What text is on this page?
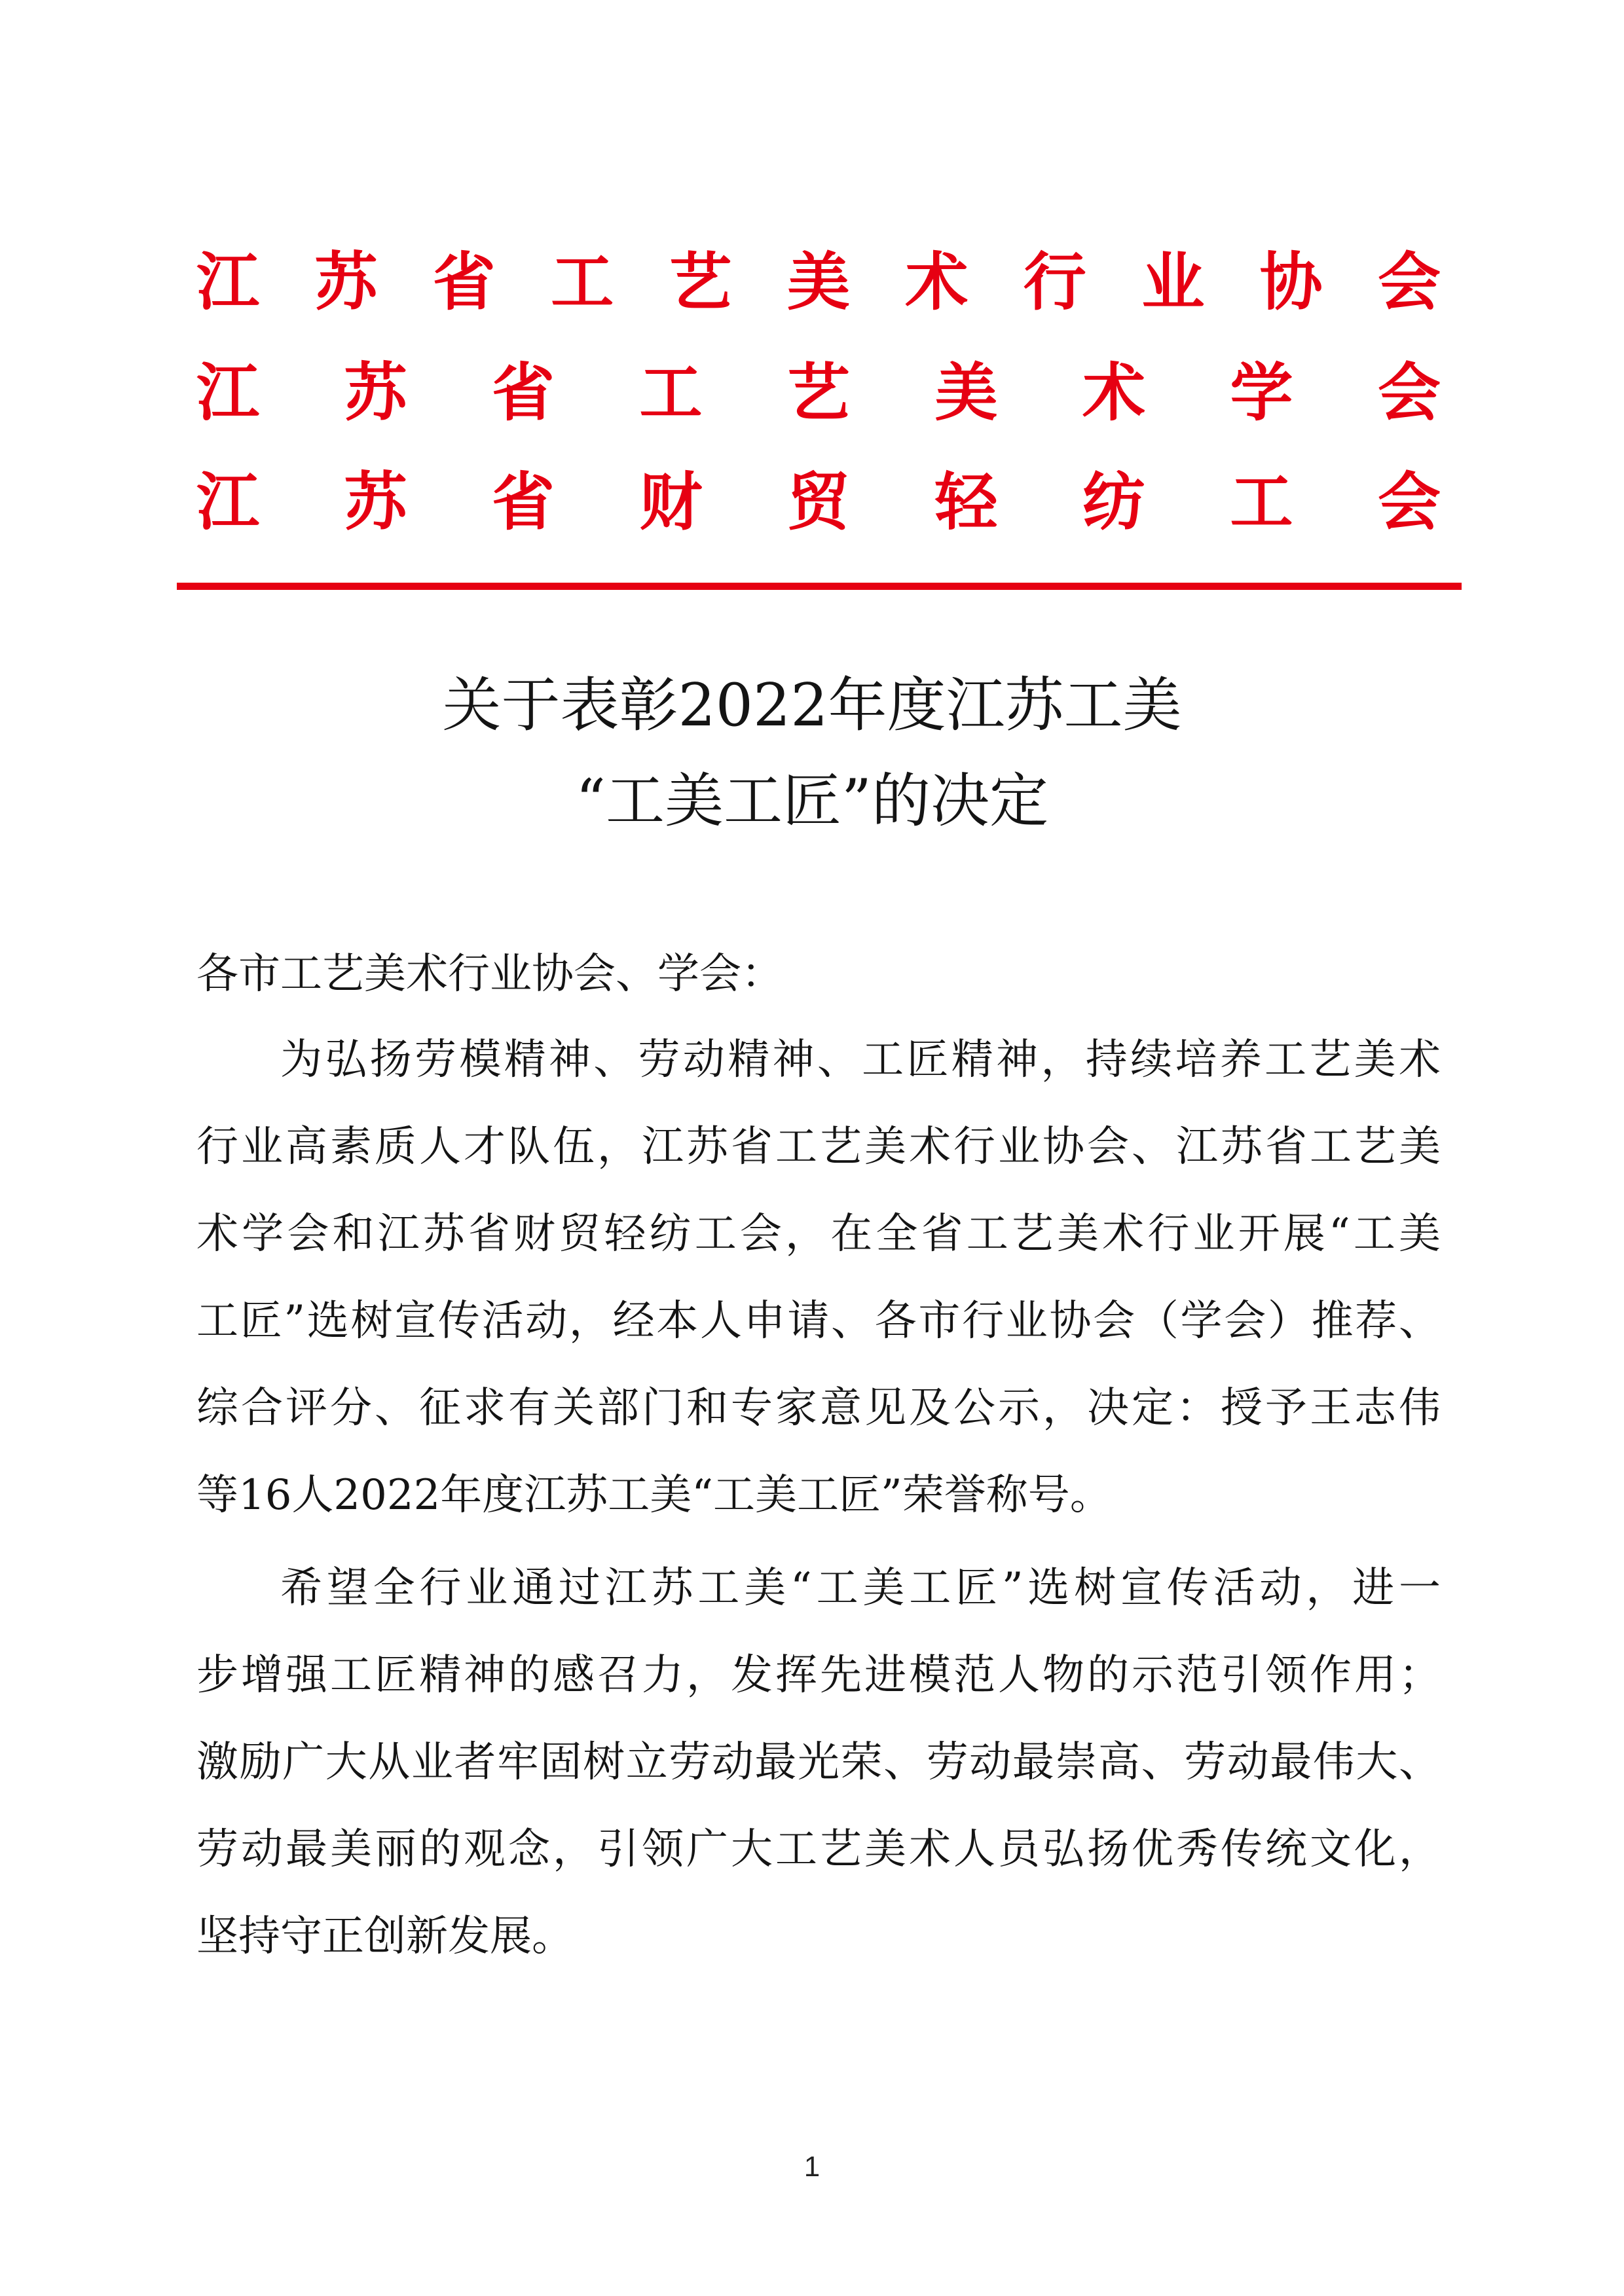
江苏省工艺美术行业协会
江苏省工艺美术学会
江苏省财贸轻纺工会
关于表彰2022年度江苏工美
“工美工匠”的决定
各市工艺美术行业协会、学会：
为弘扬劳模精神、劳动精神、工匠精神，持续培养工艺美术
行业高素质人才队伍，江苏省工艺美术行业协会、江苏省工艺美
术学会和江苏省财贸轻纺工会，在全省工艺美术行业开展“工美
工匠”选树宣传活动，经本人申请、各市行业协会（学会）推荐、
综合评分、征求有关部门和专家意见及公示，决定：授予王志伟
等16人2022年度江苏工美“工美工匠”荣誉称号。
希望全行业通过江苏工美“工美工匠”选树宣传活动，进一
步增强工匠精神的感召力，发挥先进模范人物的示范引领作用；
激励广大从业者牢固树立劳动最光荣、劳动最崇高、劳动最伟大、
劳动最美丽的观念，引领广大工艺美术人员弘扬优秀传统文化，
坚持守正创新发展。
1
